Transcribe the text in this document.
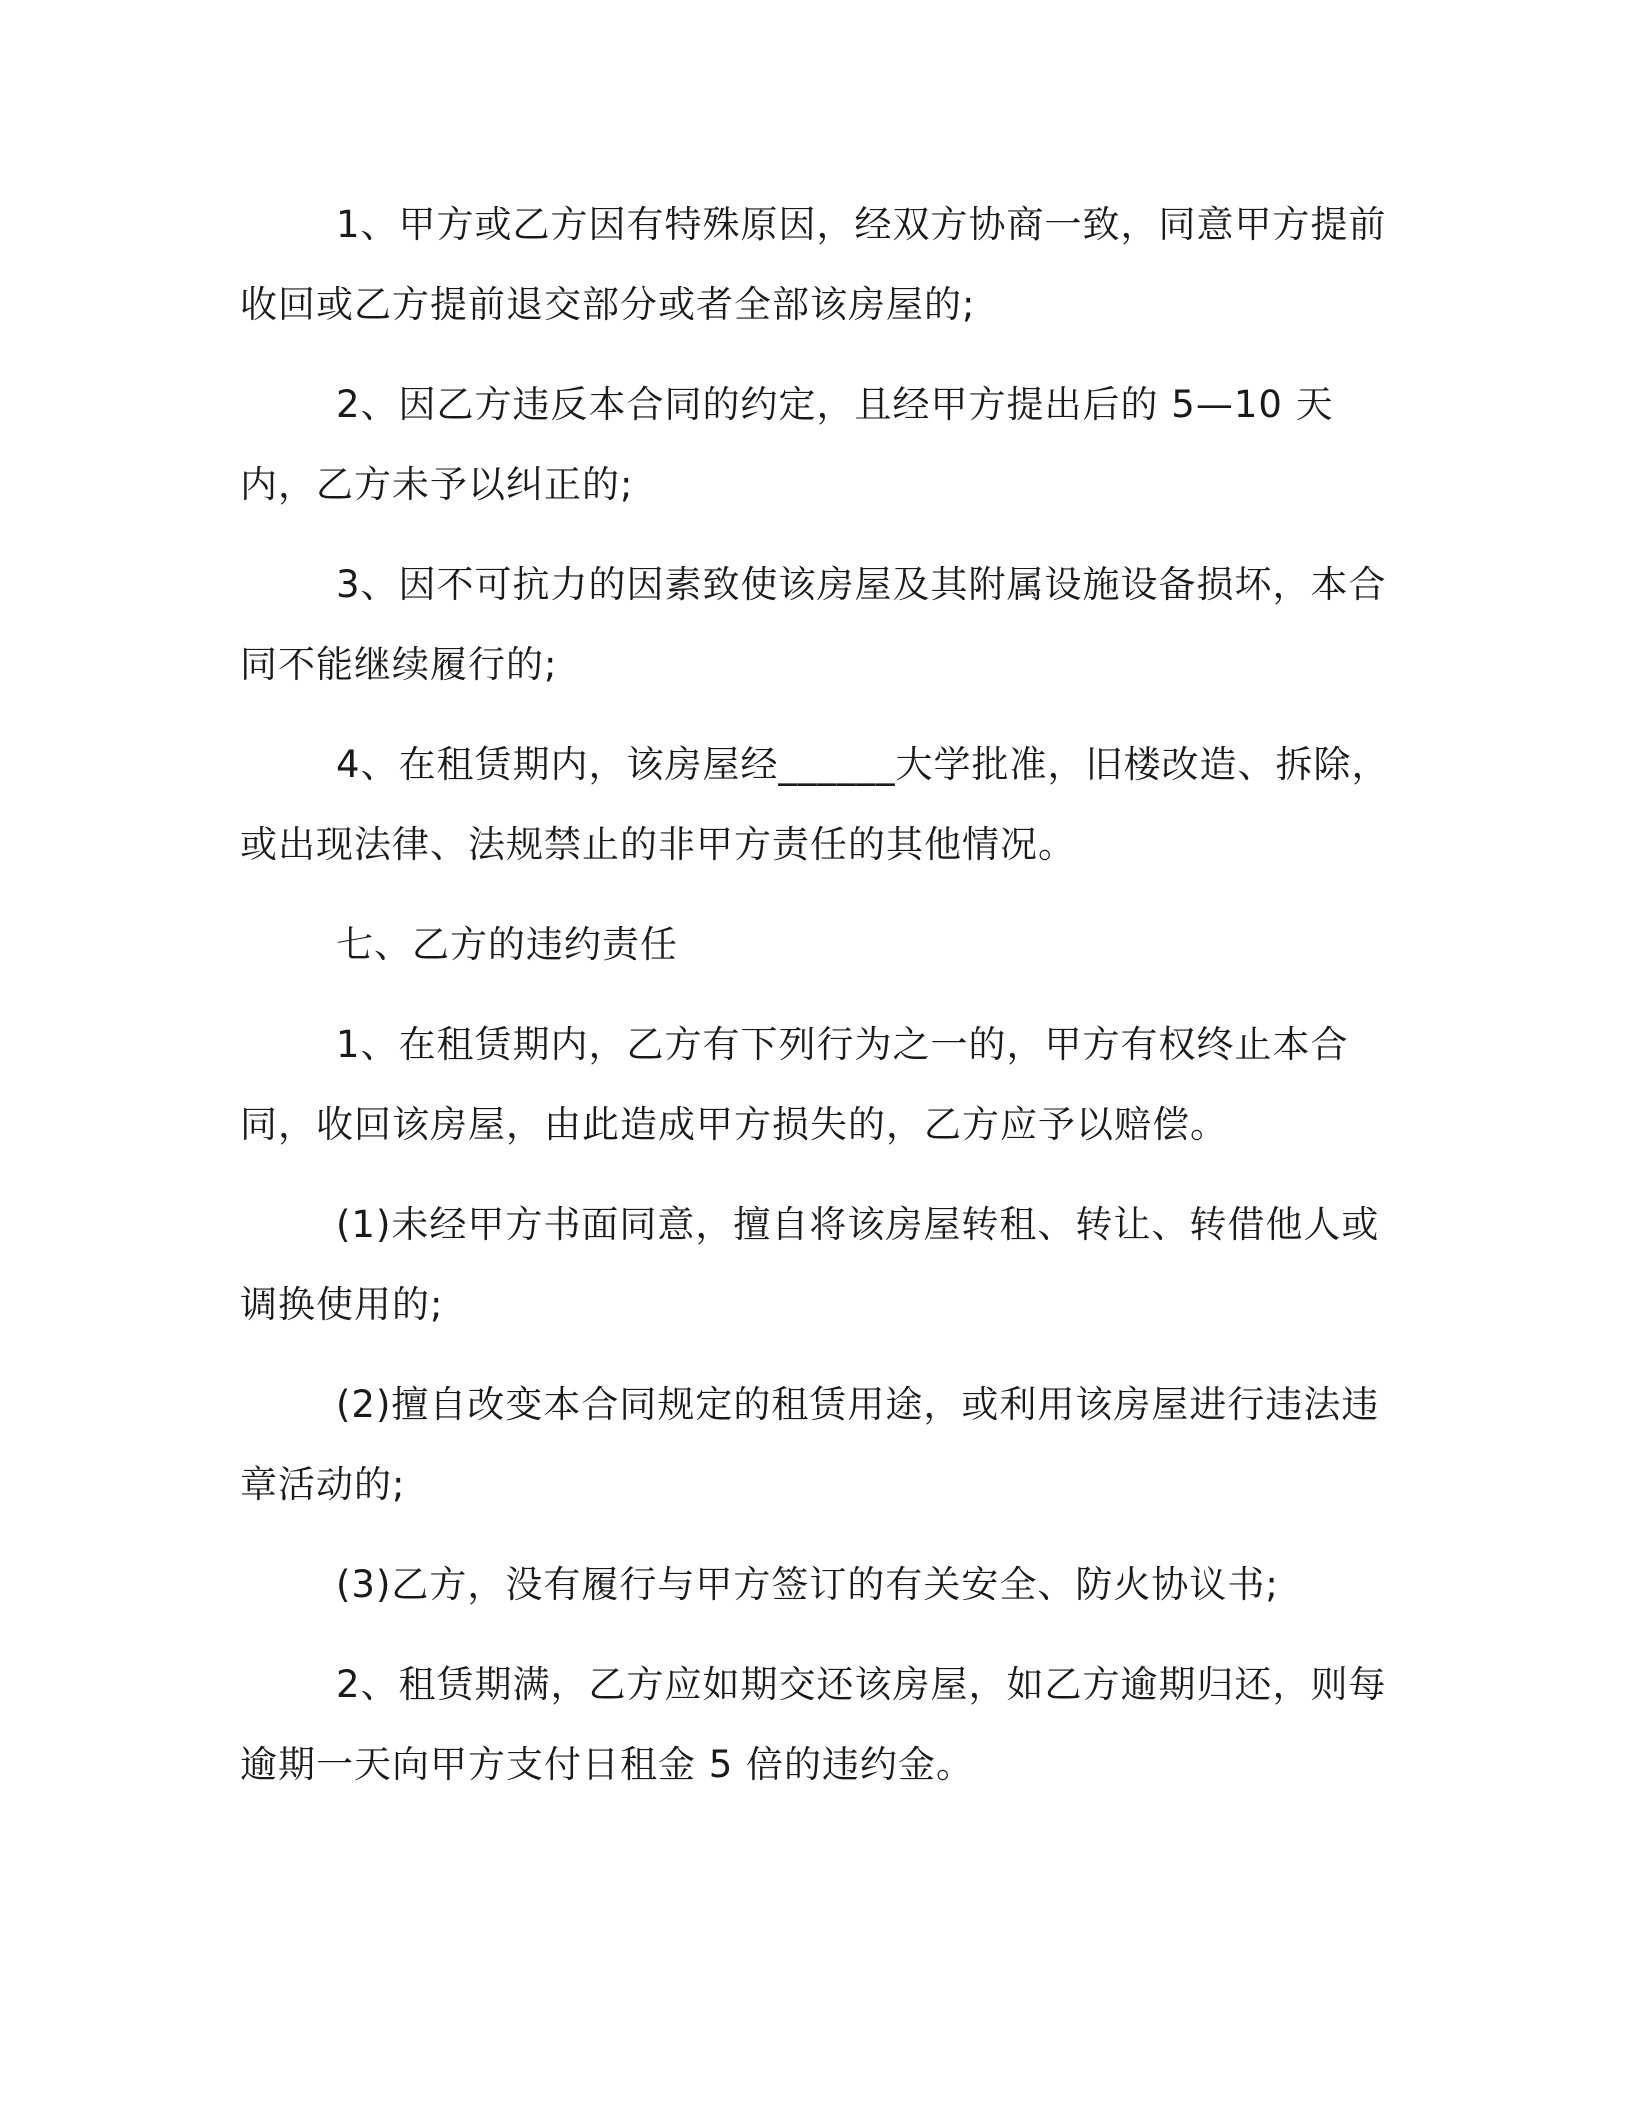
1、甲方或乙方因有特殊原因，经双方协商一致，同意甲方提前收回或乙方提前退交部分或者全部该房屋的;

2、因乙方违反本合同的约定，且经甲方提出后的 5—10 天内，乙方未予以纠正的;

3、因不可抗力的因素致使该房屋及其附属设施设备损坏，本合同不能继续履行的;

4、在租赁期内，该房屋经______大学批准，旧楼改造、拆除，或出现法律、法规禁止的非甲方责任的其他情况。

七、乙方的违约责任

1、在租赁期内，乙方有下列行为之一的，甲方有权终止本合同，收回该房屋，由此造成甲方损失的，乙方应予以赔偿。

(1)未经甲方书面同意，擅自将该房屋转租、转让、转借他人或调换使用的;

(2)擅自改变本合同规定的租赁用途，或利用该房屋进行违法违章活动的;

(3)乙方，没有履行与甲方签订的有关安全、防火协议书;

2、租赁期满，乙方应如期交还该房屋，如乙方逾期归还，则每逾期一天向甲方支付日租金 5 倍的违约金。
